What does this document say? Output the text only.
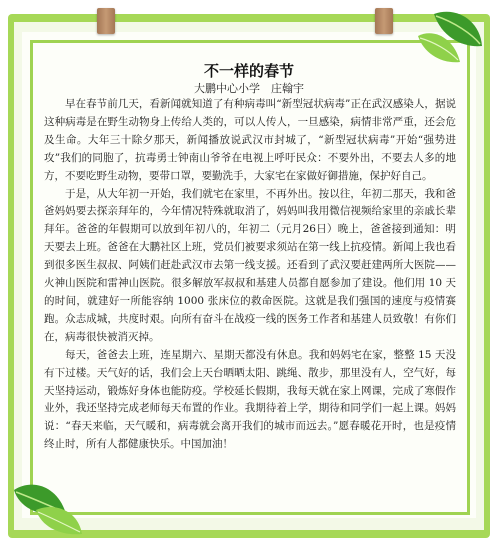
不一样的春节
大鹏中心小学　庄翰宇

早在春节前几天，看新闻就知道了有种病毒叫“新型冠状病毒”正在武汉感染人，据说这种病毒是在野生动物身上传给人类的，可以人传人，一旦感染，病情非常严重，还会危及生命。大年三十除夕那天，新闻播放说武汉市封城了，“新型冠状病毒”开始“强势进攻”我们的同胞了，抗毒勇士钟南山爷爷在电视上呼吁民众：不要外出，不要去人多的地方，不要吃野生动物，要带口罩，要勤洗手，大家宅在家做好御措施，保护好自己。

于是，从大年初一开始，我们就宅在家里，不再外出。按以往，年初二那天，我和爸爸妈妈要去探亲拜年的，今年情况特殊就取消了，妈妈叫我用微信视频给家里的亲戚长辈拜年。爸爸的年假期可以放到年初八的，年初二（元月26日）晚上，爸爸接到通知：明天要去上班。爸爸在大鹏社区上班，党员们被要求须站在第一线上抗疫情。新闻上我也看到很多医生叔叔、阿姨们赶赴武汉市去第一线支援。还看到了武汉要赶建两所大医院——火神山医院和雷神山医院。很多解放军叔叔和基建人员都自愿参加了建设。他们用 10 天的时间，就建好一所能容纳 1000 张床位的救命医院。这就是我们强国的速度与疫情赛跑。众志成城，共度时艰。向所有奋斗在战疫一线的医务工作者和基建人员致敬！有你们在，病毒很快被消灭掉。

每天，爸爸去上班，连星期六、星期天都没有休息。我和妈妈宅在家，整整 15 天没有下过楼。天气好的话，我们会上天台晒晒太阳、跳绳、散步，那里没有人，空气好，每天坚持运动，锻炼好身体也能防疫。学校延长假期，我每天就在家上网课，完成了寒假作业外，我还坚持完成老师每天布置的作业。我期待着上学，期待和同学们一起上课。妈妈说：“春天来临，天气暖和，病毒就会离开我们的城市而远去。”愿春暖花开时，也是疫情终止时，所有人都健康快乐。中国加油！
